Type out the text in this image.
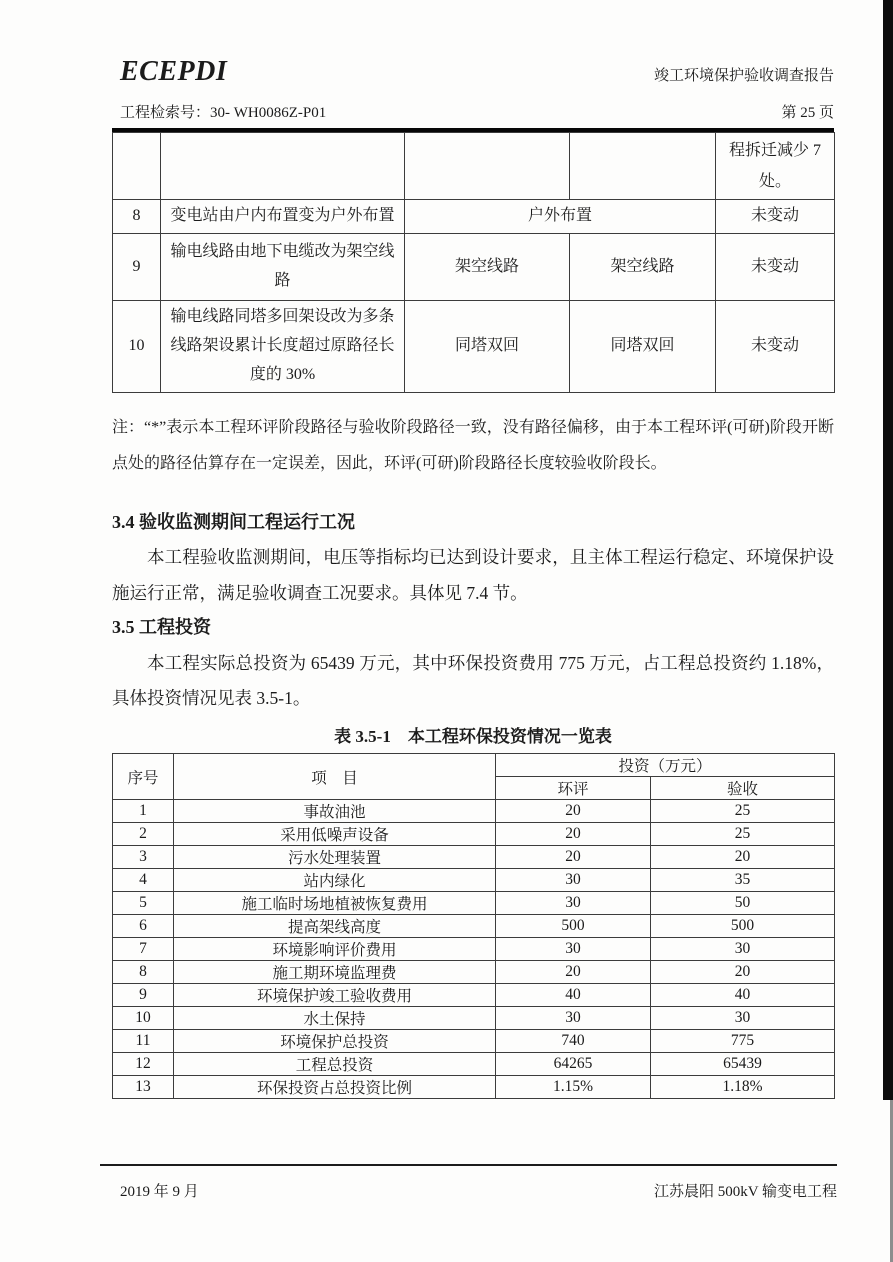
ECEPDI	竣工环境保护验收调查报告
工程检索号：30- WH0086Z-P01	第 25 页
				程拆迁减少 7 处。
8	变电站由户内布置变为户外布置	户外布置		未变动
9	输电线路由地下电缆改为架空线路	架空线路	架空线路	未变动
10	输电线路同塔多回架设改为多条线路架设累计长度超过原路径长度的 30%	同塔双回	同塔双回	未变动
注：“*”表示本工程环评阶段路径与验收阶段路径一致，没有路径偏移，由于本工程环评(可研)阶段开断点处的路径估算存在一定误差，因此，环评(可研)阶段路径长度较验收阶段长。
3.4 验收监测期间工程运行工况
本工程验收监测期间，电压等指标均已达到设计要求，且主体工程运行稳定、环境保护设施运行正常，满足验收调查工况要求。具体见 7.4 节。
3.5 工程投资
本工程实际总投资为 65439 万元，其中环保投资费用 775 万元，占工程总投资约 1.18%，具体投资情况见表 3.5-1。
表 3.5-1　本工程环保投资情况一览表
序号	项　目	投资（万元）	
		环评	验收
1	事故油池	20	25
2	采用低噪声设备	20	25
3	污水处理装置	20	20
4	站内绿化	30	35
5	施工临时场地植被恢复费用	30	50
6	提高架线高度	500	500
7	环境影响评价费用	30	30
8	施工期环境监理费	20	20
9	环境保护竣工验收费用	40	40
10	水土保持	30	30
11	环境保护总投资	740	775
12	工程总投资	64265	65439
13	环保投资占总投资比例	1.15%	1.18%
2019 年 9 月	江苏晨阳 500kV 输变电工程
